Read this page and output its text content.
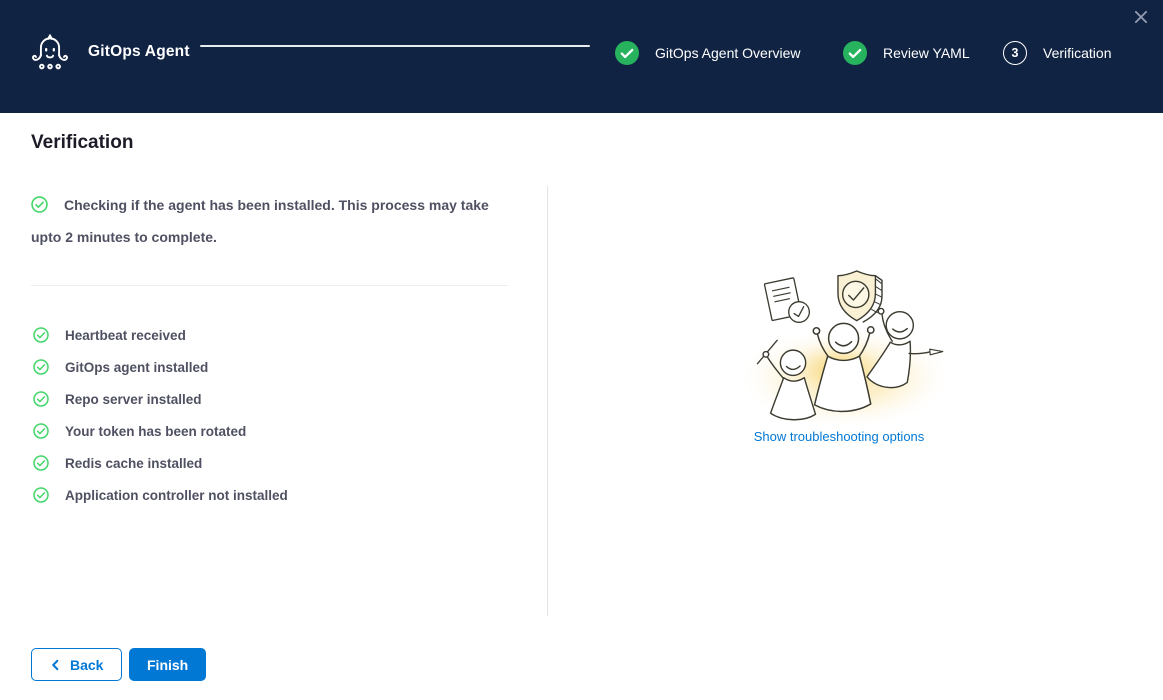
GitOps Agent	GitOps Agent Overview	Review YAML	3	Verification
Verification
Checking if the agent has been installed. This process may take upto 2 minutes to complete.
Heartbeat received
GitOps agent installed
Repo server installed
Your token has been rotated
Redis cache installed
Application controller not installed
Show troubleshooting options
Back	Finish
